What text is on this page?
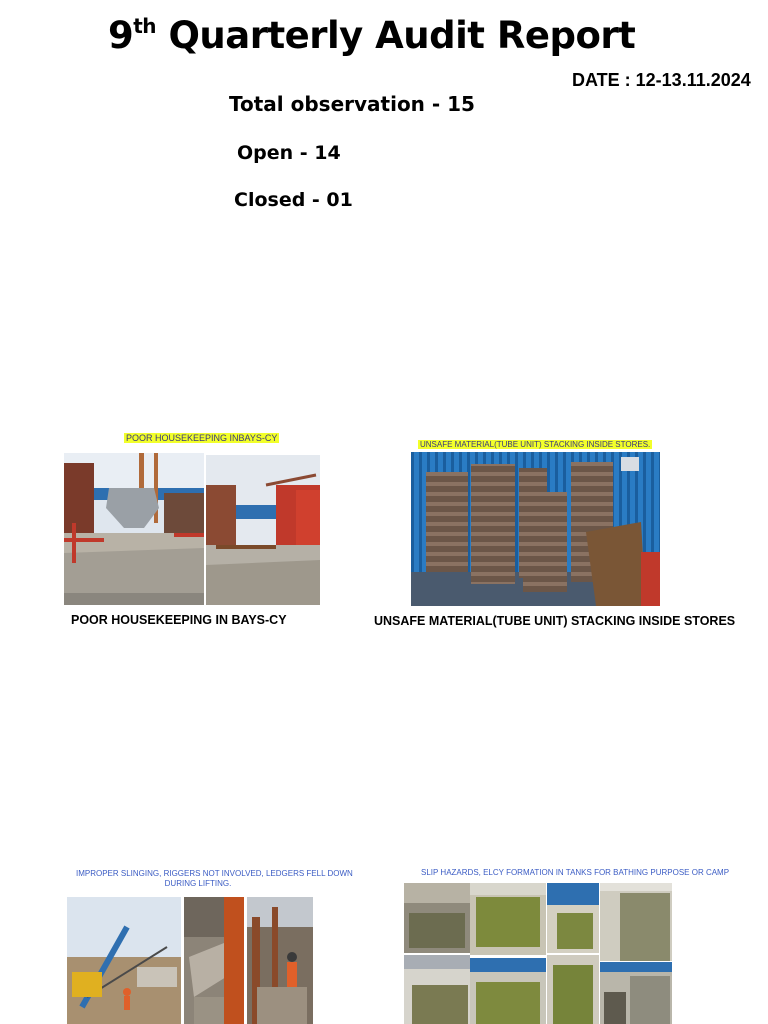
9th Quarterly Audit Report
DATE : 12-13.11.2024
Total observation - 15
Open - 14
Closed - 01
POOR HOUSEKEEPING INBAYS-CY
POOR HOUSEKEEPING IN BAYS-CY
UNSAFE MATERIAL(TUBE UNIT) STACKING INSIDE STORES.
UNSAFE MATERIAL(TUBE UNIT) STACKING INSIDE STORES
IMPROPER SLINGING, RIGGERS NOT INVOLVED, LEDGERS FELL DOWN
DURING LIFTING.
SLIP HAZARDS, ELCY FORMATION IN TANKS FOR BATHING PURPOSE OR CAMP
